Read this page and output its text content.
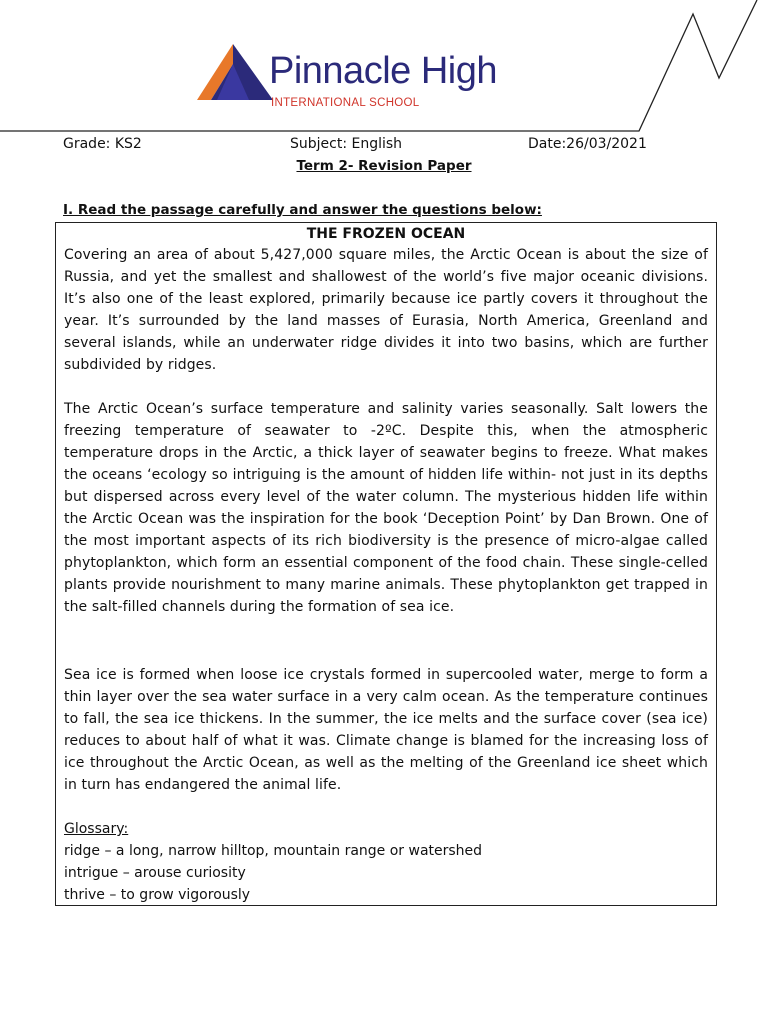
Pinnacle High
INTERNATIONAL SCHOOL
Grade: KS2	Subject: English	Date:26/03/2021
Term 2- Revision Paper
I. Read the passage carefully and answer the questions below:
THE FROZEN OCEAN

Covering an area of about 5,427,000 square miles, the Arctic Ocean is about the size of Russia, and yet the smallest and shallowest of the world’s five major oceanic divisions. It’s also one of the least explored, primarily because ice partly covers it throughout the year. It’s surrounded by the land masses of Eurasia, North America, Greenland and several islands, while an underwater ridge divides it into two basins, which are further subdivided by ridges.

The Arctic Ocean’s surface temperature and salinity varies seasonally. Salt lowers the freezing temperature of seawater to -2ºC. Despite this, when the atmospheric temperature drops in the Arctic, a thick layer of seawater begins to freeze. What makes the oceans ‘ecology so intriguing is the amount of hidden life within- not just in its depths but dispersed across every level of the water column. The mysterious hidden life within the Arctic Ocean was the inspiration for the book ‘Deception Point’ by Dan Brown. One of the most important aspects of its rich biodiversity is the presence of micro-algae called phytoplankton, which form an essential component of the food chain. These single-celled plants provide nourishment to many marine animals. These phytoplankton get trapped in the salt-filled channels during the formation of sea ice.

Sea ice is formed when loose ice crystals formed in supercooled water, merge to form a thin layer over the sea water surface in a very calm ocean. As the temperature continues to fall, the sea ice thickens. In the summer, the ice melts and the surface cover (sea ice) reduces to about half of what it was. Climate change is blamed for the increasing loss of ice throughout the Arctic Ocean, as well as the melting of the Greenland ice sheet which in turn has endangered the animal life.

Glossary:
ridge – a long, narrow hilltop, mountain range or watershed
intrigue – arouse curiosity
thrive – to grow vigorously
